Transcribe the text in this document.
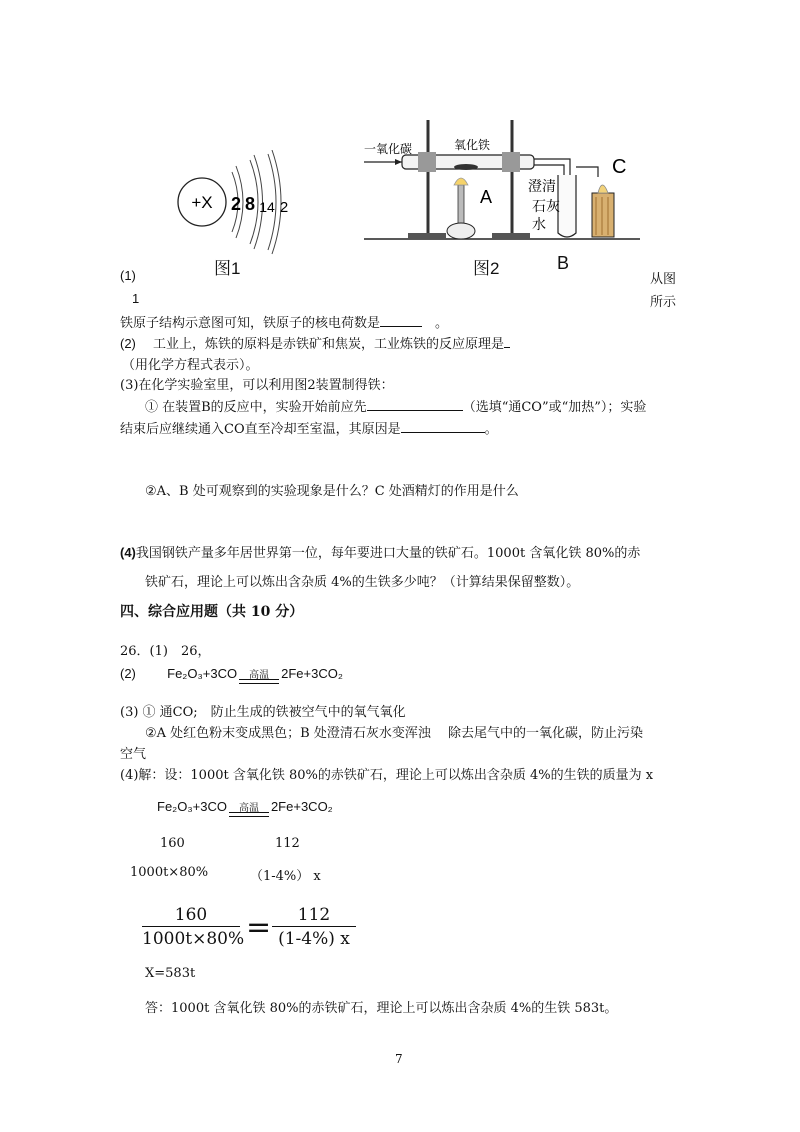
+X 2 8 14 2
图1
一氧化碳	氧化铁
A
澄清
石灰
水
C
图2	B
(1)	从图
1	所示
铁原子结构示意图可知，铁原子的核电荷数是　	。
(2)　 工业上，炼铁的原料是赤铁矿和焦炭，工业炼铁的反应原理是
（用化学方程式表示）。
(3)在化学实验室里，可以利用图2装置制得铁：
① 在装置B的反应中，实验开始前应先	（选填“通CO”或“加热”）；实验
结束后应继续通入CO直至冷却至室温，其原因是	。
②A、B 处可观察到的实验现象是什么？C 处酒精灯的作用是什么
(4)我国钢铁产量多年居世界第一位，每年要进口大量的铁矿石。1000t 含氧化铁 80%的赤
铁矿石，理论上可以炼出含杂质 4%的生铁多少吨？（计算结果保留整数）。
四、综合应用题（共 10 分）
26．(1)　26，
(2) Fe₂O₃+3CO 高温 2Fe+3CO₂
(3) ① 通CO;　防止生成的铁被空气中的氧气氧化
②A 处红色粉末变成黑色；B 处澄清石灰水变浑浊　 除去尾气中的一氧化碳，防止污染
空气
(4)解：设：1000t 含氧化铁 80%的赤铁矿石，理论上可以炼出含杂质 4%的生铁的质量为 x
Fe₂O₃+3CO 高温 2Fe+3CO₂
160	112
1000t×80%	（1-4%） x
160
1000t×80% =	112
(1-4%) x
X=583t
答：1000t 含氧化铁 80%的赤铁矿石，理论上可以炼出含杂质 4%的生铁 583t。
7
